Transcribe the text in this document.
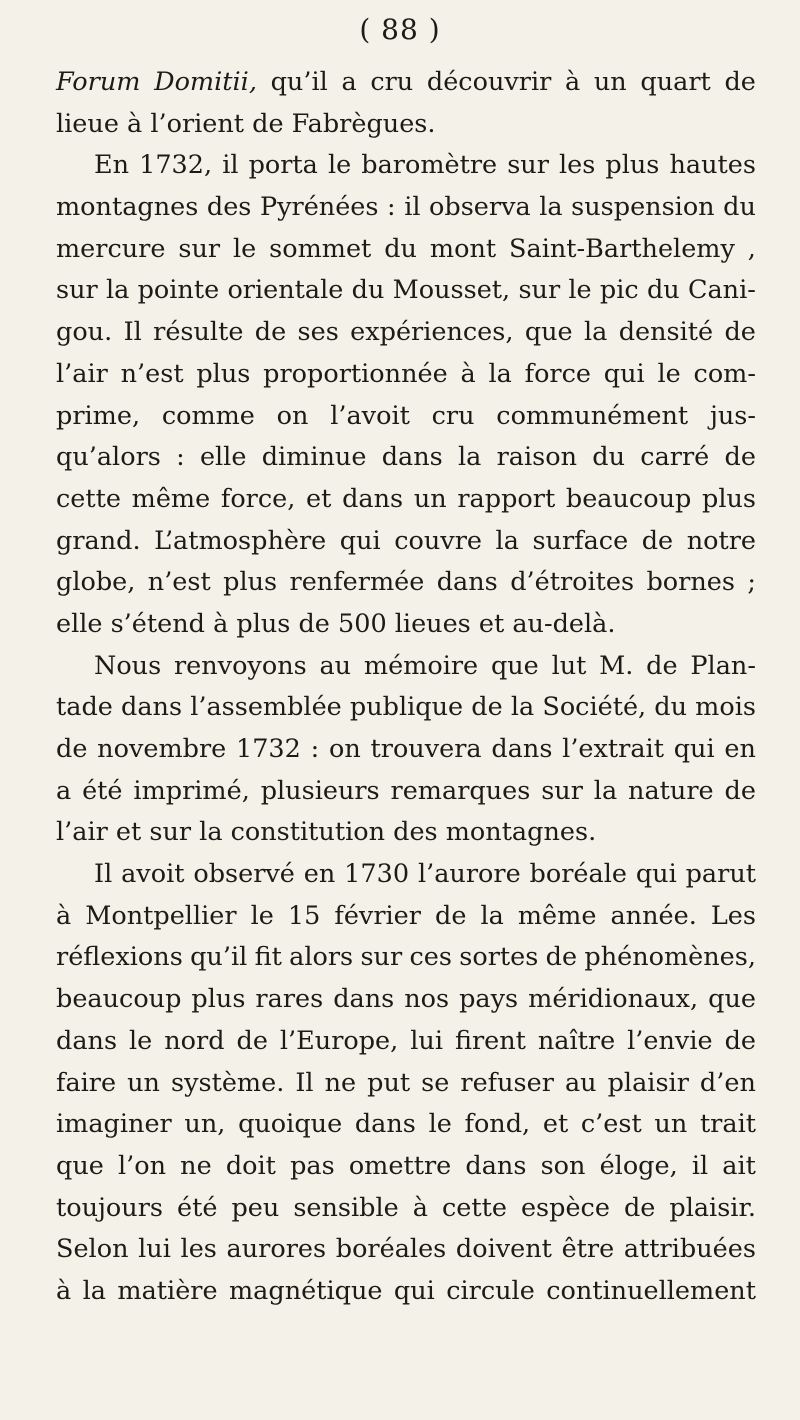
( 88 )
Forum Domitii, qu’il a cru découvrir à un quart de
lieue à l’orient de Fabrègues.
En 1732, il porta le baromètre sur les plus hautes
montagnes des Pyrénées : il observa la suspension du
mercure sur le sommet du mont Saint-Barthelemy ,
sur la pointe orientale du Mousset, sur le pic du Cani-
gou. Il résulte de ses expériences, que la densité de
l’air n’est plus proportionnée à la force qui le com-
prime, comme on l’avoit cru communément jus-
qu’alors : elle diminue dans la raison du carré de
cette même force, et dans un rapport beaucoup plus
grand. L’atmosphère qui couvre la surface de notre
globe, n’est plus renfermée dans d’étroites bornes ;
elle s’étend à plus de 500 lieues et au-delà.
Nous renvoyons au mémoire que lut M. de Plan-
tade dans l’assemblée publique de la Société, du mois
de novembre 1732 : on trouvera dans l’extrait qui en
a été imprimé, plusieurs remarques sur la nature de
l’air et sur la constitution des montagnes.
Il avoit observé en 1730 l’aurore boréale qui parut
à Montpellier le 15 février de la même année. Les
réflexions qu’il fit alors sur ces sortes de phénomènes,
beaucoup plus rares dans nos pays méridionaux, que
dans le nord de l’Europe, lui firent naître l’envie de
faire un système. Il ne put se refuser au plaisir d’en
imaginer un, quoique dans le fond, et c’est un trait
que l’on ne doit pas omettre dans son éloge, il ait
toujours été peu sensible à cette espèce de plaisir.
Selon lui les aurores boréales doivent être attribuées
à la matière magnétique qui circule continuellement
